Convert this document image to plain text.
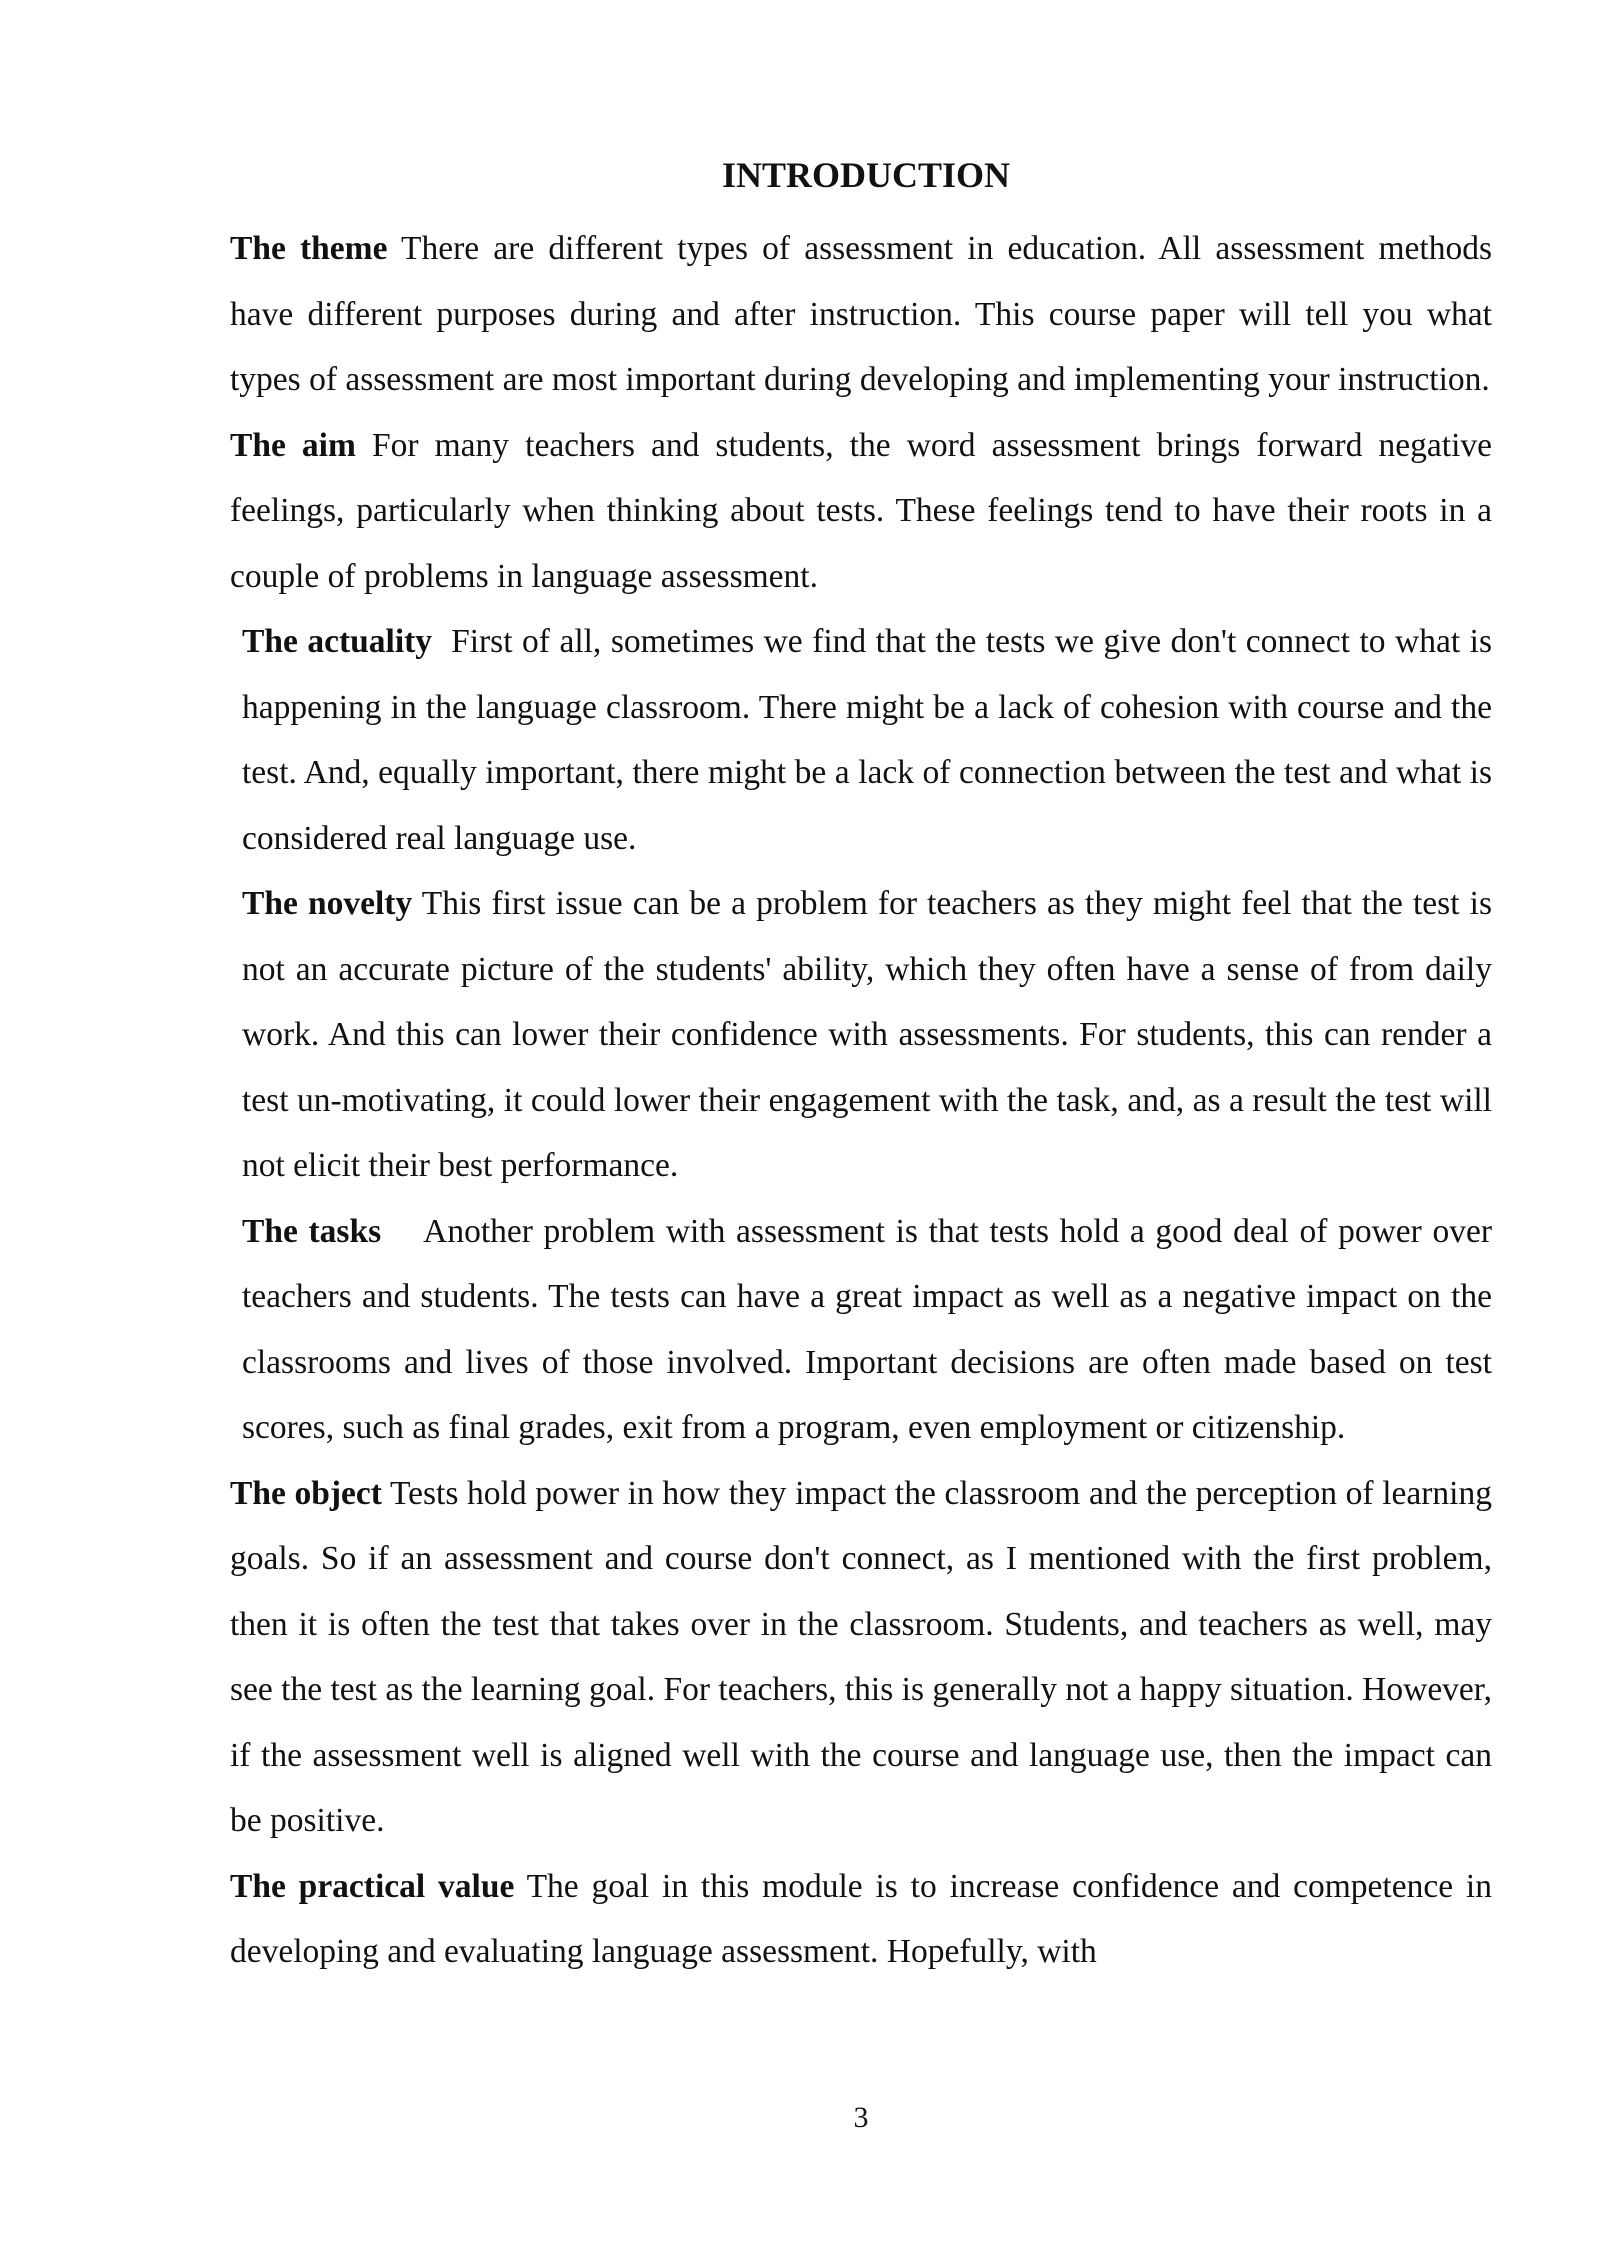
INTRODUCTION

The theme There are different types of assessment in education. All assessment methods have different purposes during and after instruction. This course paper will tell you what types of assessment are most important during developing and implementing your instruction.

The aim For many teachers and students, the word assessment brings forward negative feelings, particularly when thinking about tests. These feelings tend to have their roots in a couple of problems in language assessment.

The actuality First of all, sometimes we find that the tests we give don't connect to what is happening in the language classroom. There might be a lack of cohesion with course and the test. And, equally important, there might be a lack of connection between the test and what is considered real language use.

The novelty This first issue can be a problem for teachers as they might feel that the test is not an accurate picture of the students' ability, which they often have a sense of from daily work. And this can lower their confidence with assessments. For students, this can render a test un-motivating, it could lower their engagement with the task, and, as a result the test will not elicit their best performance.

The tasks Another problem with assessment is that tests hold a good deal of power over teachers and students. The tests can have a great impact as well as a negative impact on the classrooms and lives of those involved. Important decisions are often made based on test scores, such as final grades, exit from a program, even employment or citizenship.

The object Tests hold power in how they impact the classroom and the perception of learning goals. So if an assessment and course don't connect, as I mentioned with the first problem, then it is often the test that takes over in the classroom. Students, and teachers as well, may see the test as the learning goal. For teachers, this is generally not a happy situation. However, if the assessment well is aligned well with the course and language use, then the impact can be positive.

The practical value The goal in this module is to increase confidence and competence in developing and evaluating language assessment. Hopefully, with

3
